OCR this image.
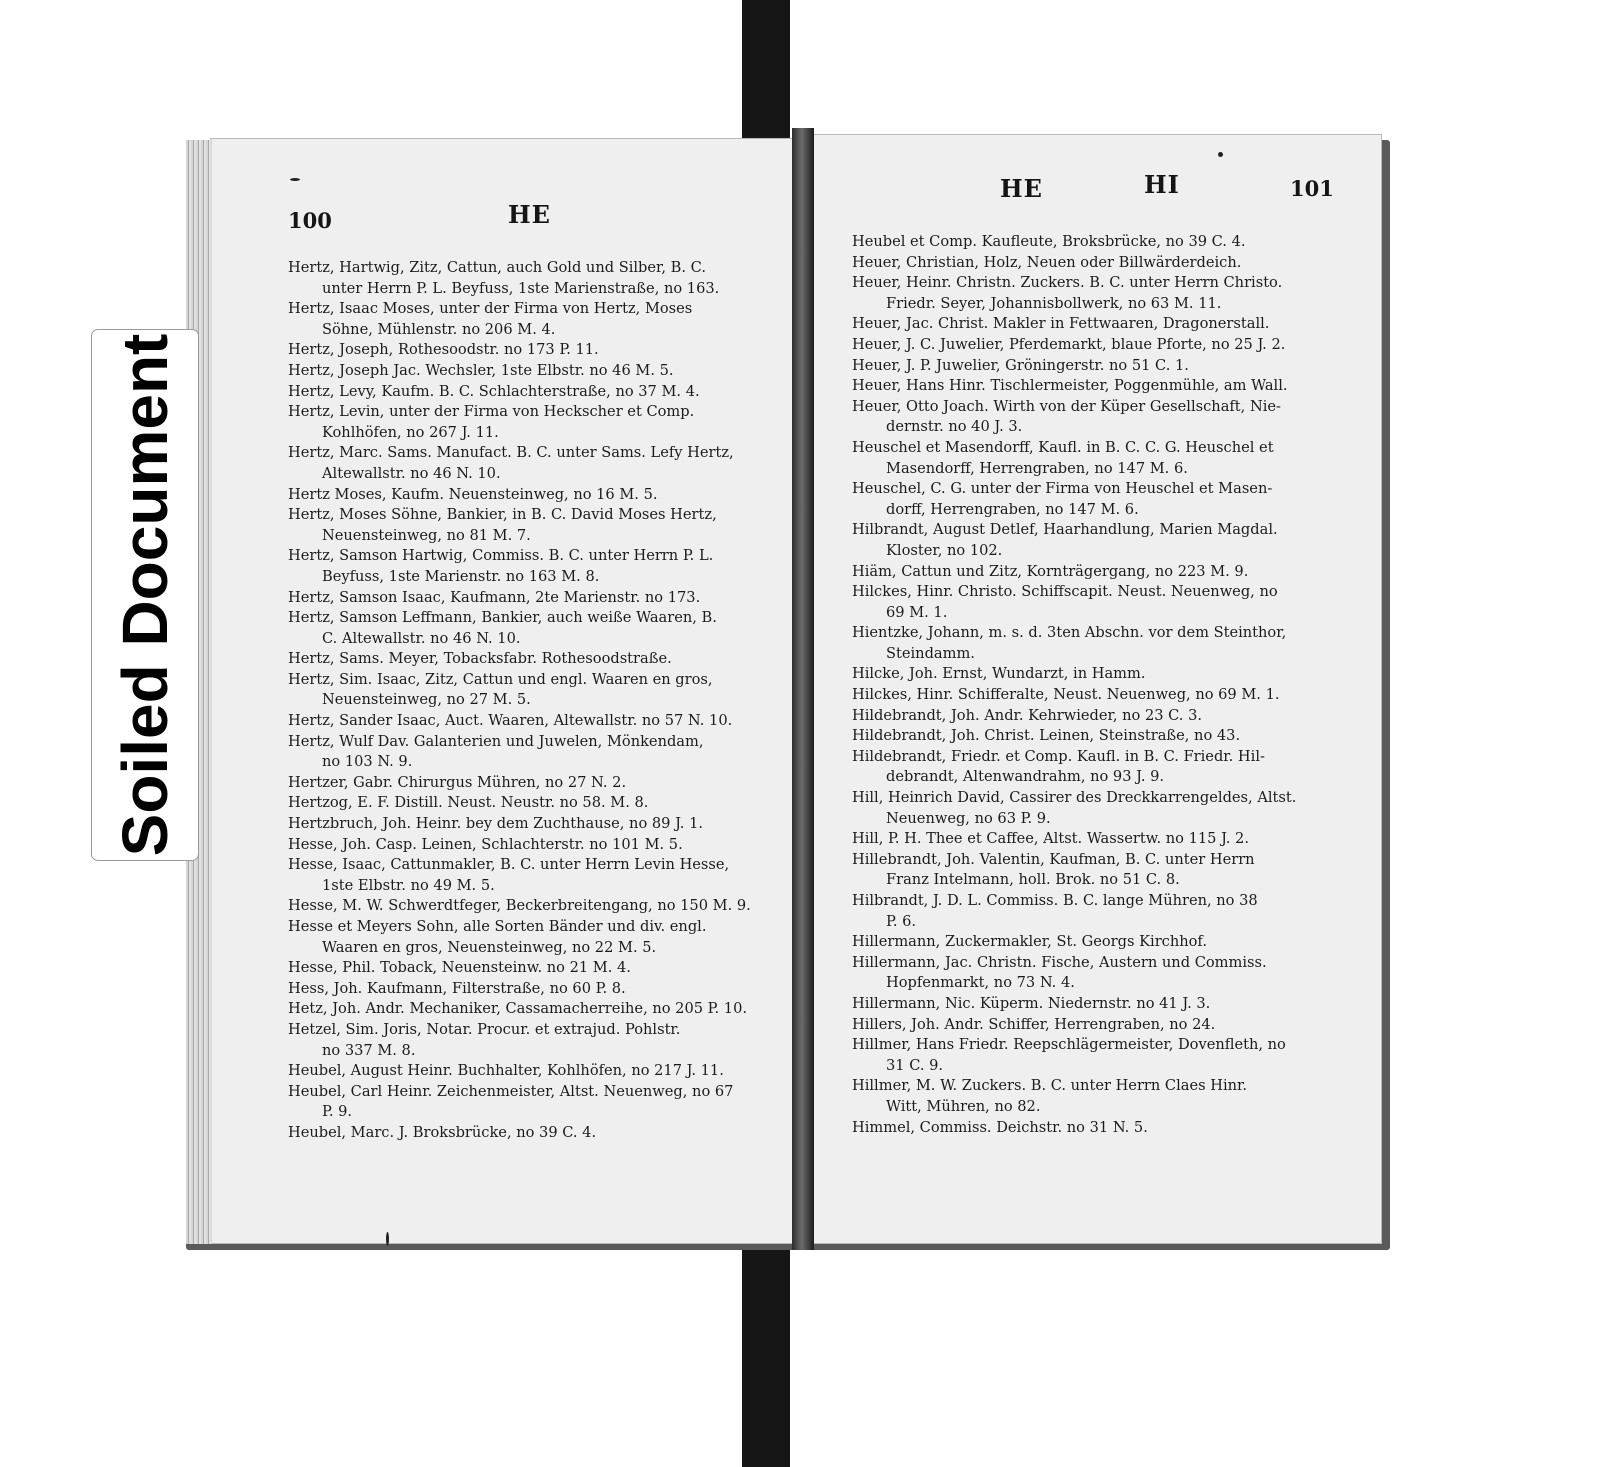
100	HE
HE	HI	101
Hertz, Hartwig, Zitz, Cattun, auch Gold und Silber, B. C.
unter Herrn P. L. Beyfuss, 1ste Marienstraße, no 163.
Hertz, Isaac Moses, unter der Firma von Hertz, Moses
Söhne, Mühlenstr. no 206 M. 4.
Hertz, Joseph, Rothesoodstr. no 173 P. 11.
Hertz, Joseph Jac. Wechsler, 1ste Elbstr. no 46 M. 5.
Hertz, Levy, Kaufm. B. C. Schlachterstraße, no 37 M. 4.
Hertz, Levin, unter der Firma von Heckscher et Comp.
Kohlhöfen, no 267 J. 11.
Hertz, Marc. Sams. Manufact. B. C. unter Sams. Lefy Hertz,
Altewallstr. no 46 N. 10.
Hertz Moses, Kaufm. Neuensteinweg, no 16 M. 5.
Hertz, Moses Söhne, Bankier, in B. C. David Moses Hertz,
Neuensteinweg, no 81 M. 7.
Hertz, Samson Hartwig, Commiss. B. C. unter Herrn P. L.
Beyfuss, 1ste Marienstr. no 163 M. 8.
Hertz, Samson Isaac, Kaufmann, 2te Marienstr. no 173.
Hertz, Samson Leffmann, Bankier, auch weiße Waaren, B.
C. Altewallstr. no 46 N. 10.
Hertz, Sams. Meyer, Tobacksfabr. Rothesoodstraße.
Hertz, Sim. Isaac, Zitz, Cattun und engl. Waaren en gros,
Neuensteinweg, no 27 M. 5.
Hertz, Sander Isaac, Auct. Waaren, Altewallstr. no 57 N. 10.
Hertz, Wulf Dav. Galanterien und Juwelen, Mönkendam,
no 103 N. 9.
Hertzer, Gabr. Chirurgus Mühren, no 27 N. 2.
Hertzog, E. F. Distill. Neust. Neustr. no 58. M. 8.
Hertzbruch, Joh. Heinr. bey dem Zuchthause, no 89 J. 1.
Hesse, Joh. Casp. Leinen, Schlachterstr. no 101 M. 5.
Hesse, Isaac, Cattunmakler, B. C. unter Herrn Levin Hesse,
1ste Elbstr. no 49 M. 5.
Hesse, M. W. Schwerdtfeger, Beckerbreitengang, no 150 M. 9.
Hesse et Meyers Sohn, alle Sorten Bänder und div. engl.
Waaren en gros, Neuensteinweg, no 22 M. 5.
Hesse, Phil. Toback, Neuensteinw. no 21 M. 4.
Hess, Joh. Kaufmann, Filterstraße, no 60 P. 8.
Hetz, Joh. Andr. Mechaniker, Cassamacherreihe, no 205 P. 10.
Hetzel, Sim. Joris, Notar. Procur. et extrajud. Pohlstr.
no 337 M. 8.
Heubel, August Heinr. Buchhalter, Kohlhöfen, no 217 J. 11.
Heubel, Carl Heinr. Zeichenmeister, Altst. Neuenweg, no 67
P. 9.
Heubel, Marc. J. Broksbrücke, no 39 C. 4.
Heubel et Comp. Kaufleute, Broksbrücke, no 39 C. 4.
Heuer, Christian, Holz, Neuen oder Billwärderdeich.
Heuer, Heinr. Christn. Zuckers. B. C. unter Herrn Christo.
Friedr. Seyer, Johannisbollwerk, no 63 M. 11.
Heuer, Jac. Christ. Makler in Fettwaaren, Dragonerstall.
Heuer, J. C. Juwelier, Pferdemarkt, blaue Pforte, no 25 J. 2.
Heuer, J. P. Juwelier, Gröningerstr. no 51 C. 1.
Heuer, Hans Hinr. Tischlermeister, Poggenmühle, am Wall.
Heuer, Otto Joach. Wirth von der Küper Gesellschaft, Nie-
dernstr. no 40 J. 3.
Heuschel et Masendorff, Kaufl. in B. C. C. G. Heuschel et
Masendorff, Herrengraben, no 147 M. 6.
Heuschel, C. G. unter der Firma von Heuschel et Masen-
dorff, Herrengraben, no 147 M. 6.
Hilbrandt, August Detlef, Haarhandlung, Marien Magdal.
Kloster, no 102.
Hiäm, Cattun und Zitz, Kornträgergang, no 223 M. 9.
Hilckes, Hinr. Christo. Schiffscapit. Neust. Neuenweg, no
69 M. 1.
Hientzke, Johann, m. s. d. 3ten Abschn. vor dem Steinthor,
Steindamm.
Hilcke, Joh. Ernst, Wundarzt, in Hamm.
Hilckes, Hinr. Schifferalte, Neust. Neuenweg, no 69 M. 1.
Hildebrandt, Joh. Andr. Kehrwieder, no 23 C. 3.
Hildebrandt, Joh. Christ. Leinen, Steinstraße, no 43.
Hildebrandt, Friedr. et Comp. Kaufl. in B. C. Friedr. Hil-
debrandt, Altenwandrahm, no 93 J. 9.
Hill, Heinrich David, Cassirer des Dreckkarrengeldes, Altst.
Neuenweg, no 63 P. 9.
Hill, P. H. Thee et Caffee, Altst. Wassertw. no 115 J. 2.
Hillebrandt, Joh. Valentin, Kaufman, B. C. unter Herrn
Franz Intelmann, holl. Brok. no 51 C. 8.
Hilbrandt, J. D. L. Commiss. B. C. lange Mühren, no 38
P. 6.
Hillermann, Zuckermakler, St. Georgs Kirchhof.
Hillermann, Jac. Christn. Fische, Austern und Commiss.
Hopfenmarkt, no 73 N. 4.
Hillermann, Nic. Küperm. Niedernstr. no 41 J. 3.
Hillers, Joh. Andr. Schiffer, Herrengraben, no 24.
Hillmer, Hans Friedr. Reepschlägermeister, Dovenfleth, no
31 C. 9.
Hillmer, M. W. Zuckers. B. C. unter Herrn Claes Hinr.
Witt, Mühren, no 82.
Himmel, Commiss. Deichstr. no 31 N. 5.
Soiled Document
